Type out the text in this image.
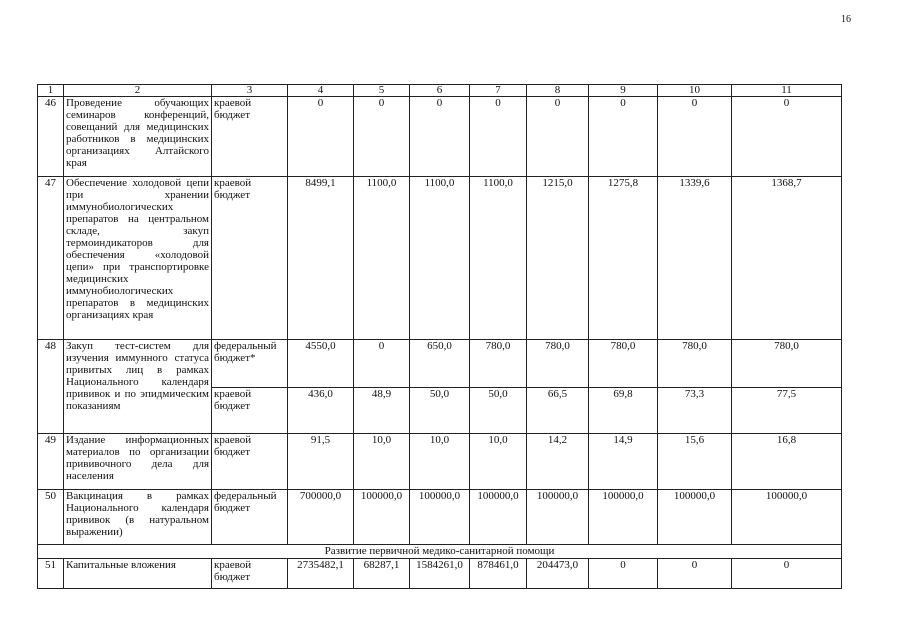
16
1	2	3	4	5	6	7	8	9	10	11
46	Проведение обучающих семинаров конференций, совещаний для медицинских работников в медицинских организациях Алтайского края	краевой бюджет	0	0	0	0	0	0	0	0
47	Обеспечение холодовой цепи при хранении иммунобиологических препаратов на центральном складе, закуп термоиндикаторов для обеспечения «холодовой цепи» при транспортировке медицинских иммунобиологических препаратов в медицинских организациях края	краевой бюджет	8499,1	1100,0	1100,0	1100,0	1215,0	1275,8	1339,6	1368,7
48	Закуп тест-систем для изучения иммунного статуса привитых лиц в рамках Национального календаря прививок и по эпидмическим показаниям	федеральный бюджет*	4550,0	0	650,0	780,0	780,0	780,0	780,0	780,0
		краевой бюджет	436,0	48,9	50,0	50,0	66,5	69,8	73,3	77,5
49	Издание информационных материалов по организации прививочного дела для населения	краевой бюджет	91,5	10,0	10,0	10,0	14,2	14,9	15,6	16,8
50	Вакцинация в рамках Национального календаря прививок (в натуральном выражении)	федеральный бюджет	700000,0	100000,0	100000,0	100000,0	100000,0	100000,0	100000,0	100000,0
Развитие первичной медико-санитарной помощи										
51	Капитальные вложения	краевой бюджет	2735482,1	68287,1	1584261,0	878461,0	204473,0	0	0	0
